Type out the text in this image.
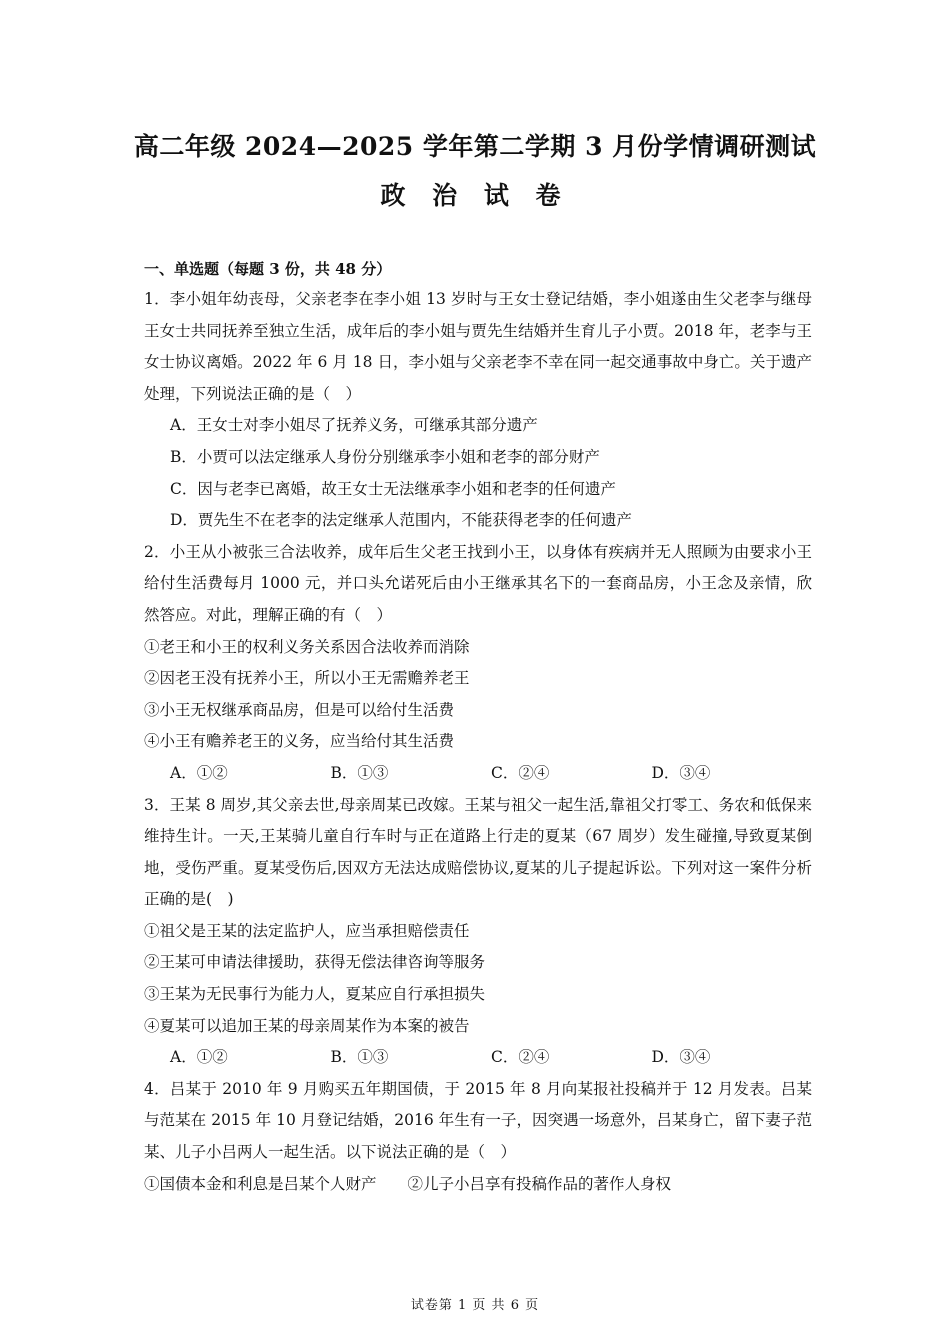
高二年级 2024—2025 学年第二学期 3 月份学情调研测试
政 治 试 卷
一、单选题（每题 3 份，共 48 分）
1．李小姐年幼丧母，父亲老李在李小姐 13 岁时与王女士登记结婚，李小姐遂由生父老李与继母王女士共同抚养至独立生活，成年后的李小姐与贾先生结婚并生育儿子小贾。2018 年，老李与王女士协议离婚。2022 年 6 月 18 日，李小姐与父亲老李不幸在同一起交通事故中身亡。关于遗产处理，下列说法正确的是（　）
A．王女士对李小姐尽了抚养义务，可继承其部分遗产
B．小贾可以法定继承人身份分别继承李小姐和老李的部分财产
C．因与老李已离婚，故王女士无法继承李小姐和老李的任何遗产
D．贾先生不在老李的法定继承人范围内，不能获得老李的任何遗产
2．小王从小被张三合法收养，成年后生父老王找到小王，以身体有疾病并无人照顾为由要求小王给付生活费每月 1000 元，并口头允诺死后由小王继承其名下的一套商品房，小王念及亲情，欣然答应。对此，理解正确的有（　）
①老王和小王的权利义务关系因合法收养而消除
②因老王没有抚养小王，所以小王无需赡养老王
③小王无权继承商品房，但是可以给付生活费
④小王有赡养老王的义务，应当给付其生活费
A．①②	B．①③	C．②④	D．③④
3．王某 8 周岁,其父亲去世,母亲周某已改嫁。王某与祖父一起生活,靠祖父打零工、务农和低保来维持生计。一天,王某骑儿童自行车时与正在道路上行走的夏某（67 周岁）发生碰撞,导致夏某倒地，受伤严重。夏某受伤后,因双方无法达成赔偿协议,夏某的儿子提起诉讼。下列对这一案件分析正确的是(　)
①祖父是王某的法定监护人，应当承担赔偿责任
②王某可申请法律援助，获得无偿法律咨询等服务
③王某为无民事行为能力人，夏某应自行承担损失
④夏某可以追加王某的母亲周某作为本案的被告
A．①②	B．①③	C．②④	D．③④
4．吕某于 2010 年 9 月购买五年期国债，于 2015 年 8 月向某报社投稿并于 12 月发表。吕某与范某在 2015 年 10 月登记结婚，2016 年生有一子，因突遇一场意外，吕某身亡，留下妻子范某、儿子小吕两人一起生活。以下说法正确的是（　）
①国债本金和利息是吕某个人财产　　②儿子小吕享有投稿作品的著作人身权
试卷第 1 页 共 6 页
